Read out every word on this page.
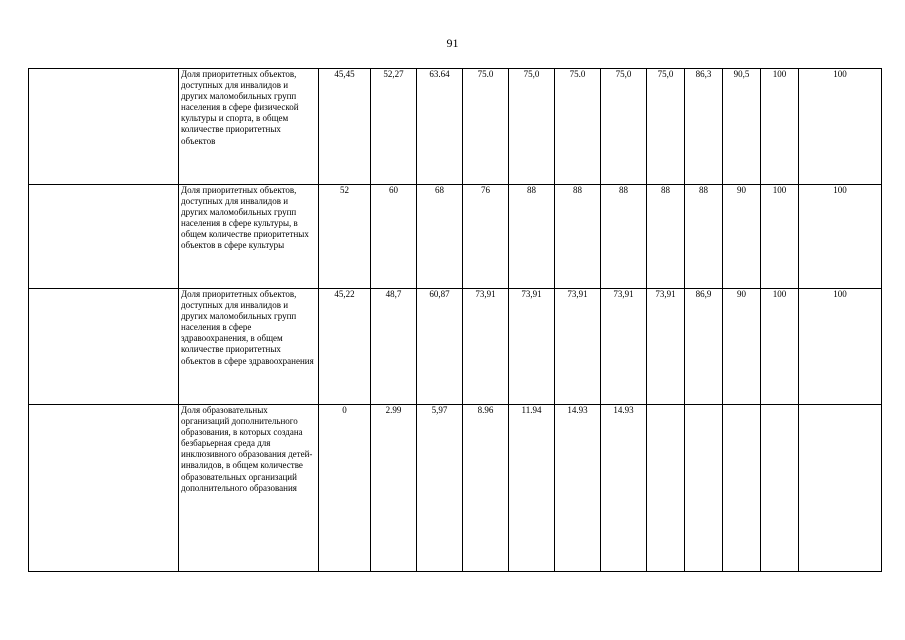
91
	Доля приоритетных объектов, доступных для инвалидов и других маломобильных групп населения в сфере физической культуры и спорта, в общем количестве приоритетных объектов	45,45	52,27	63.64	75.0	75,0	75.0	75,0	75,0	86,3	90,5	100	100
	Доля приоритетных объектов, доступных для инвалидов и других маломобильных групп населения в сфере культуры, в общем количестве приоритетных объектов в сфере культуры	52	60	68	76	88	88	88	88	88	90	100	100
	Доля приоритетных объектов, доступных для инвалидов и других маломобильных групп населения в сфере здравоохранения, в общем количестве приоритетных объектов в сфере здравоохранения	45,22	48,7	60,87	73,91	73,91	73,91	73,91	73,91	86,9	90	100	100
	Доля образовательных организаций дополнительного образования, в которых создана безбарьерная среда для инклюзивного образования детей-инвалидов, в общем количестве образовательных организаций дополнительного образования	0	2.99	5,97	8.96	11.94	14.93	14.93					
